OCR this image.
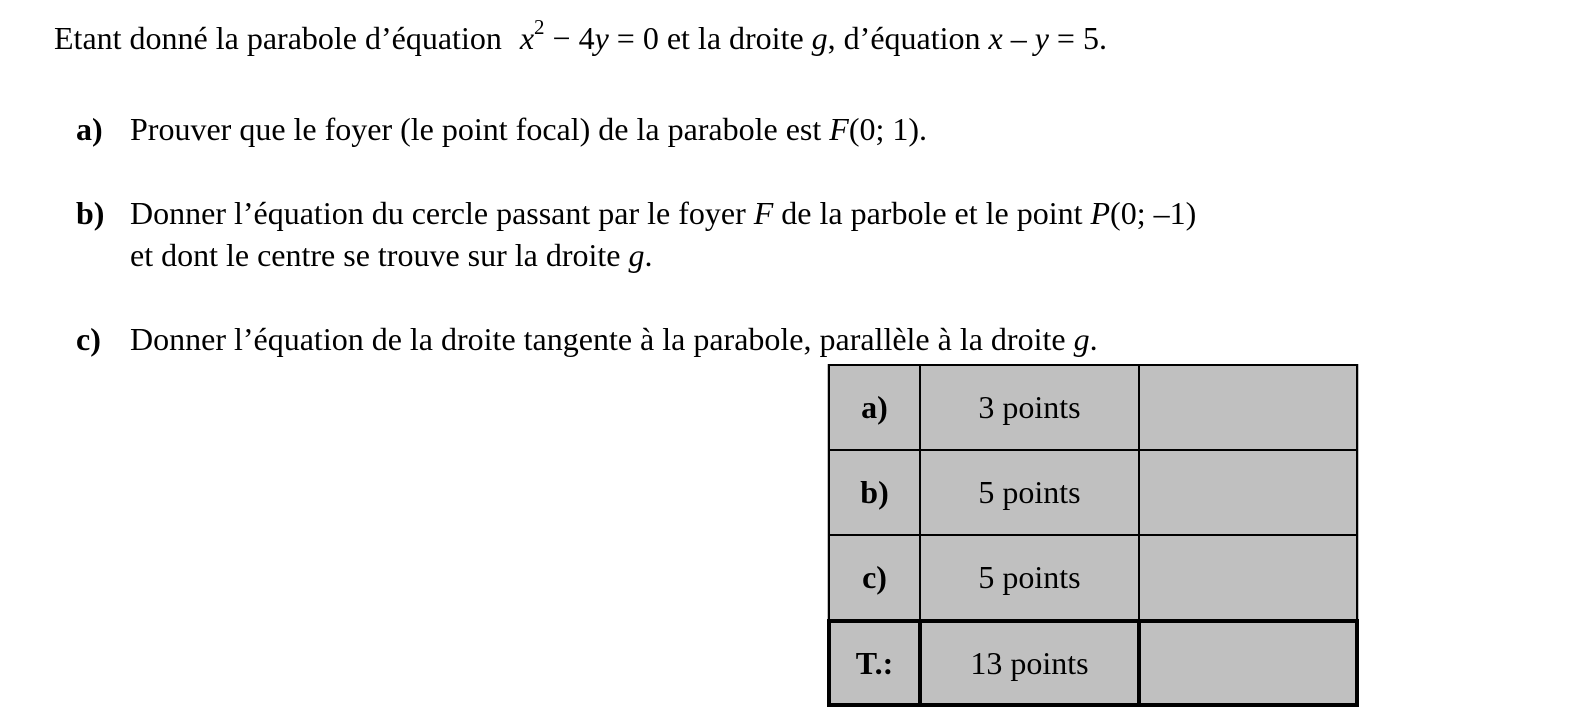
Etant donné la parabole d’équation $x^2 - 4y = 0$ et la droite g, d’équation x – y = 5.
a) Prouver que le foyer (le point focal) de la parabole est F(0; 1).
b) Donner l’équation du cercle passant par le foyer F de la parbole et le point P(0; –1)
et dont le centre se trouve sur la droite g.
c) Donner l’équation de la droite tangente à la parabole, parallèle à la droite g.
a)	3 points	
b)	5 points	
c)	5 points	
T.:	13 points	
